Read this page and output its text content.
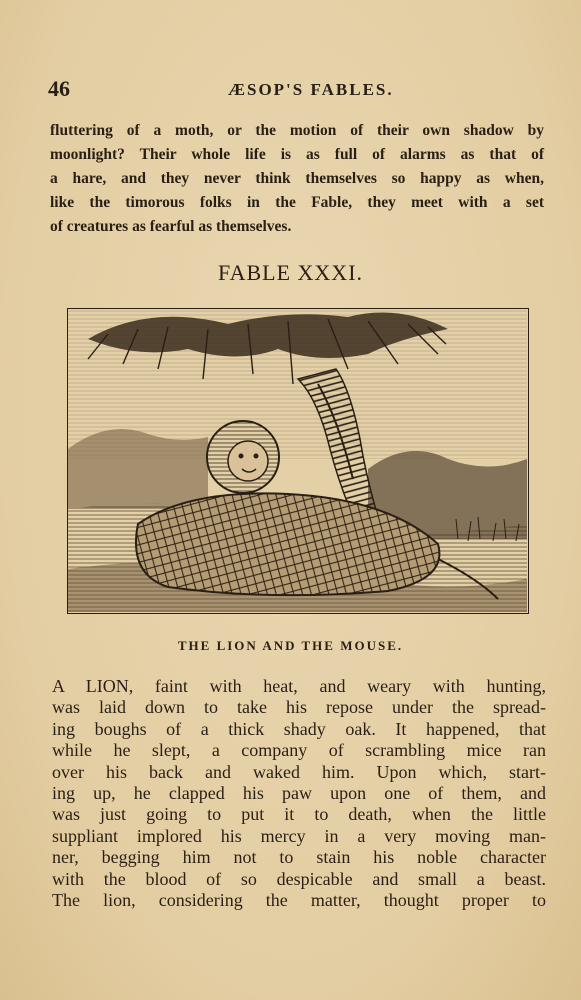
46	ÆSOP'S FABLES.
fluttering of a moth, or the motion of their own shadow by
moonlight? Their whole life is as full of alarms as that of
a hare, and they never think themselves so happy as when,
like the timorous folks in the Fable, they meet with a set
of creatures as fearful as themselves.
FABLE XXXI.
THE LION AND THE MOUSE.
A LION, faint with heat, and weary with hunting,
was laid down to take his repose under the spread-
ing boughs of a thick shady oak. It happened, that
while he slept, a company of scrambling mice ran
over his back and waked him. Upon which, start-
ing up, he clapped his paw upon one of them, and
was just going to put it to death, when the little
suppliant implored his mercy in a very moving man-
ner, begging him not to stain his noble character
with the blood of so despicable and small a beast.
The lion, considering the matter, thought proper to
